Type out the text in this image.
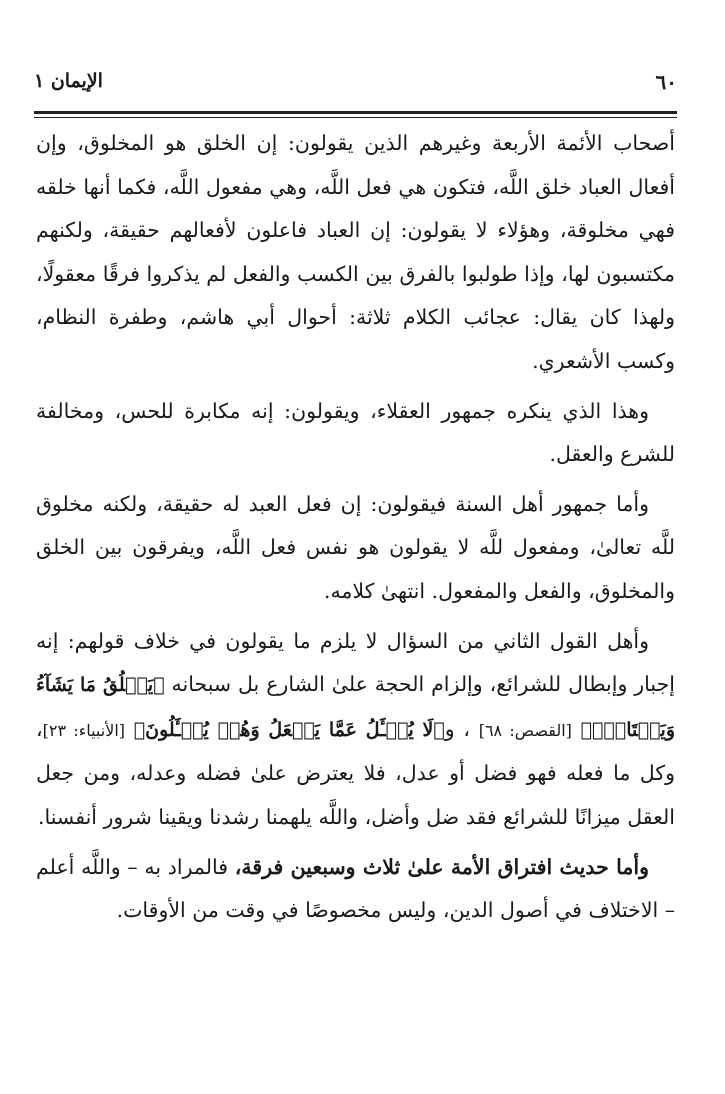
٦٠
الإيمان ١

أصحاب الأئمة الأربعة وغيرهم الذين يقولون: إن الخلق هو المخلوق، وإن أفعال العباد خلق اللَّه، فتكون هي فعل اللَّه، وهي مفعول اللَّه، فكما أنها خلقه فهي مخلوقة، وهؤلاء لا يقولون: إن العباد فاعلون لأفعالهم حقيقة، ولكنهم مكتسبون لها، وإذا طولبوا بالفرق بين الكسب والفعل لم يذكروا فرقًا معقولًا، ولهذا كان يقال: عجائب الكلام ثلاثة: أحوال أبي هاشم، وطفرة النظام، وكسب الأشعري.

وهذا الذي ينكره جمهور العقلاء، ويقولون: إنه مكابرة للحس، ومخالفة للشرع والعقل.

وأما جمهور أهل السنة فيقولون: إن فعل العبد له حقيقة، ولكنه مخلوق للَّه تعالىٰ، ومفعول للَّه لا يقولون هو نفس فعل اللَّه، ويفرقون بين الخلق والمخلوق، والفعل والمفعول. انتهىٰ كلامه.

وأهل القول الثاني من السؤال لا يلزم ما يقولون في خلاف قولهم: إنه إجبار وإبطال للشرائع، وإلزام الحجة علىٰ الشارع بل سبحانه ﴿يَخۡلُقُ مَا يَشَآءُ وَيَخۡتَارُۗ﴾ [القصص: ٦٨] ، و﴿لَا يُسۡـَٔلُ عَمَّا يَفۡعَلُ وَهُمۡ يُسۡـَٔلُونَ﴾ [الأنبياء: ٢٣]، وكل ما فعله فهو فضل أو عدل، فلا يعترض علىٰ فضله وعدله، ومن جعل العقل ميزانًا للشرائع فقد ضل وأضل، واللَّه يلهمنا رشدنا ويقينا شرور أنفسنا.

وأما حديث افتراق الأمة علىٰ ثلاث وسبعين فرقة، فالمراد به – واللَّه أعلم – الاختلاف في أصول الدين، وليس مخصوصًا في وقت من الأوقات.
